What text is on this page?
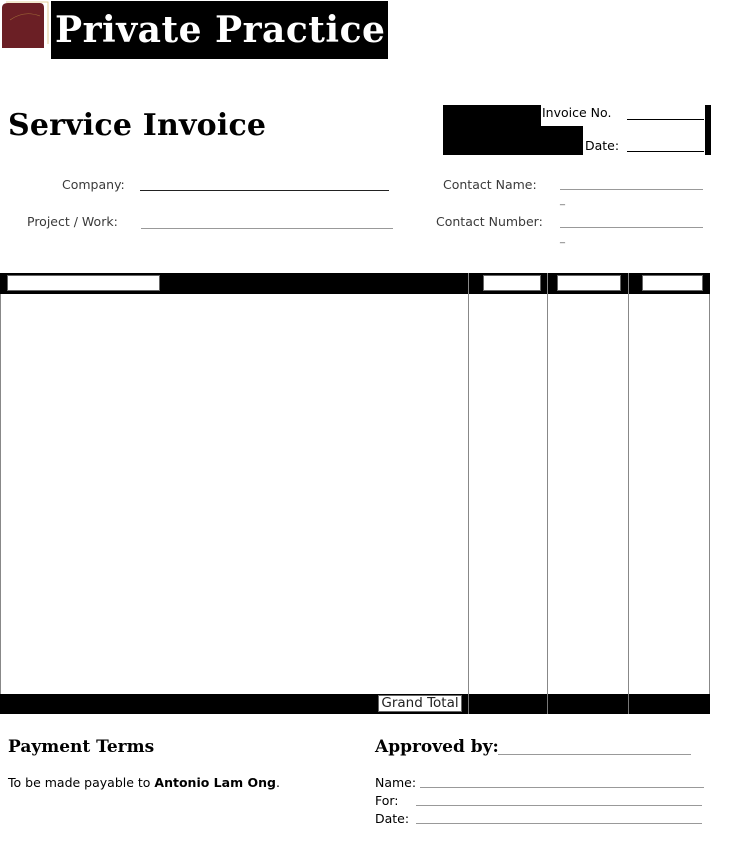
Private Practice
Service Invoice	Invoice No.
Date:
Company:
Project / Work:
Contact Name:
_
Contact Number:
_
Grand Total
Payment Terms
To be made payable to Antonio Lam Ong.
Approved by:
Name:
For:
Date:
